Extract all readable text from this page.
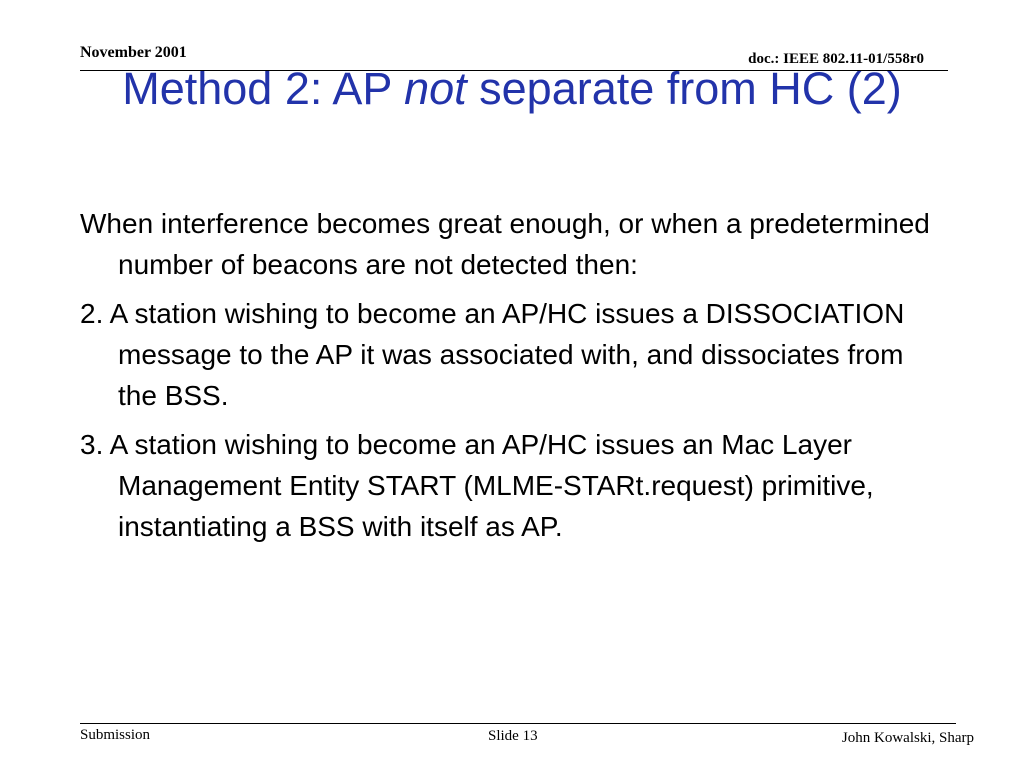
November 2001	doc.: IEEE 802.11-01/558r0
Method 2: AP not separate from HC (2)

When interference becomes great enough, or when a predetermined number of beacons are not detected then:

2. A station wishing to become an AP/HC issues a DISSOCIATION message to the AP it was associated with, and dissociates from the BSS.

3. A station wishing to become an AP/HC issues an Mac Layer Management Entity START (MLME-STARt.request) primitive, instantiating a BSS with itself as AP.

Submission	Slide 13	John Kowalski, Sharp
